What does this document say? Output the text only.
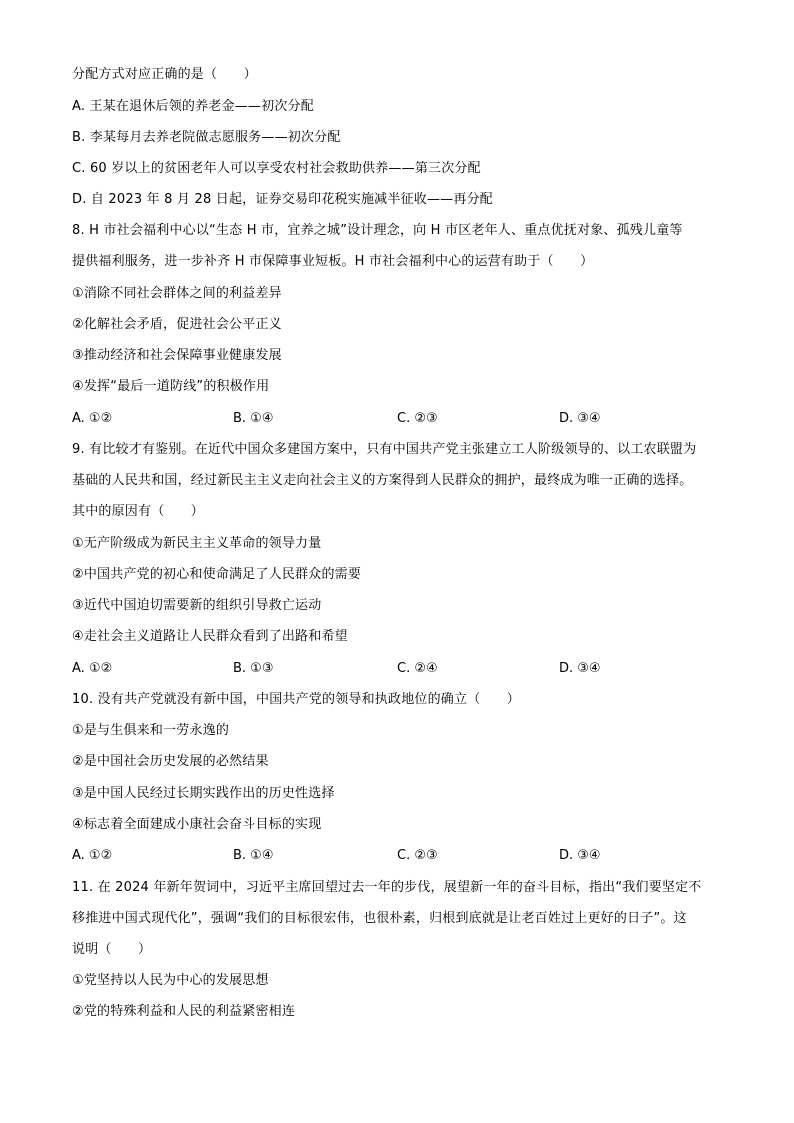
分配方式对应正确的是（　　）
A. 王某在退休后领的养老金——初次分配
B. 李某每月去养老院做志愿服务——初次分配
C. 60 岁以上的贫困老年人可以享受农村社会救助供养——第三次分配
D. 自 2023 年 8 月 28 日起，证券交易印花税实施减半征收——再分配
8. H 市社会福利中心以“生态 H 市，宜养之城”设计理念，向 H 市区老年人、重点优抚对象、孤残儿童等
提供福利服务，进一步补齐 H 市保障事业短板。H 市社会福利中心的运营有助于（　　）
①消除不同社会群体之间的利益差异
②化解社会矛盾，促进社会公平正义
③推动经济和社会保障事业健康发展
④发挥“最后一道防线”的积极作用
A. ①②	B. ①④	C. ②③	D. ③④
9. 有比较才有鉴别。在近代中国众多建国方案中，只有中国共产党主张建立工人阶级领导的、以工农联盟为
基础的人民共和国，经过新民主主义走向社会主义的方案得到人民群众的拥护，最终成为唯一正确的选择。
其中的原因有（　　）
①无产阶级成为新民主主义革命的领导力量
②中国共产党的初心和使命满足了人民群众的需要
③近代中国迫切需要新的组织引导救亡运动
④走社会主义道路让人民群众看到了出路和希望
A. ①②	B. ①③	C. ②④	D. ③④
10. 没有共产党就没有新中国，中国共产党的领导和执政地位的确立（　　）
①是与生俱来和一劳永逸的
②是中国社会历史发展的必然结果
③是中国人民经过长期实践作出的历史性选择
④标志着全面建成小康社会奋斗目标的实现
A. ①②	B. ①④	C. ②③	D. ③④
11. 在 2024 年新年贺词中，习近平主席回望过去一年的步伐，展望新一年的奋斗目标，指出“我们要坚定不
移推进中国式现代化”，强调“我们的目标很宏伟，也很朴素，归根到底就是让老百姓过上更好的日子”。这
说明（　　）
①党坚持以人民为中心的发展思想
②党的特殊利益和人民的利益紧密相连
